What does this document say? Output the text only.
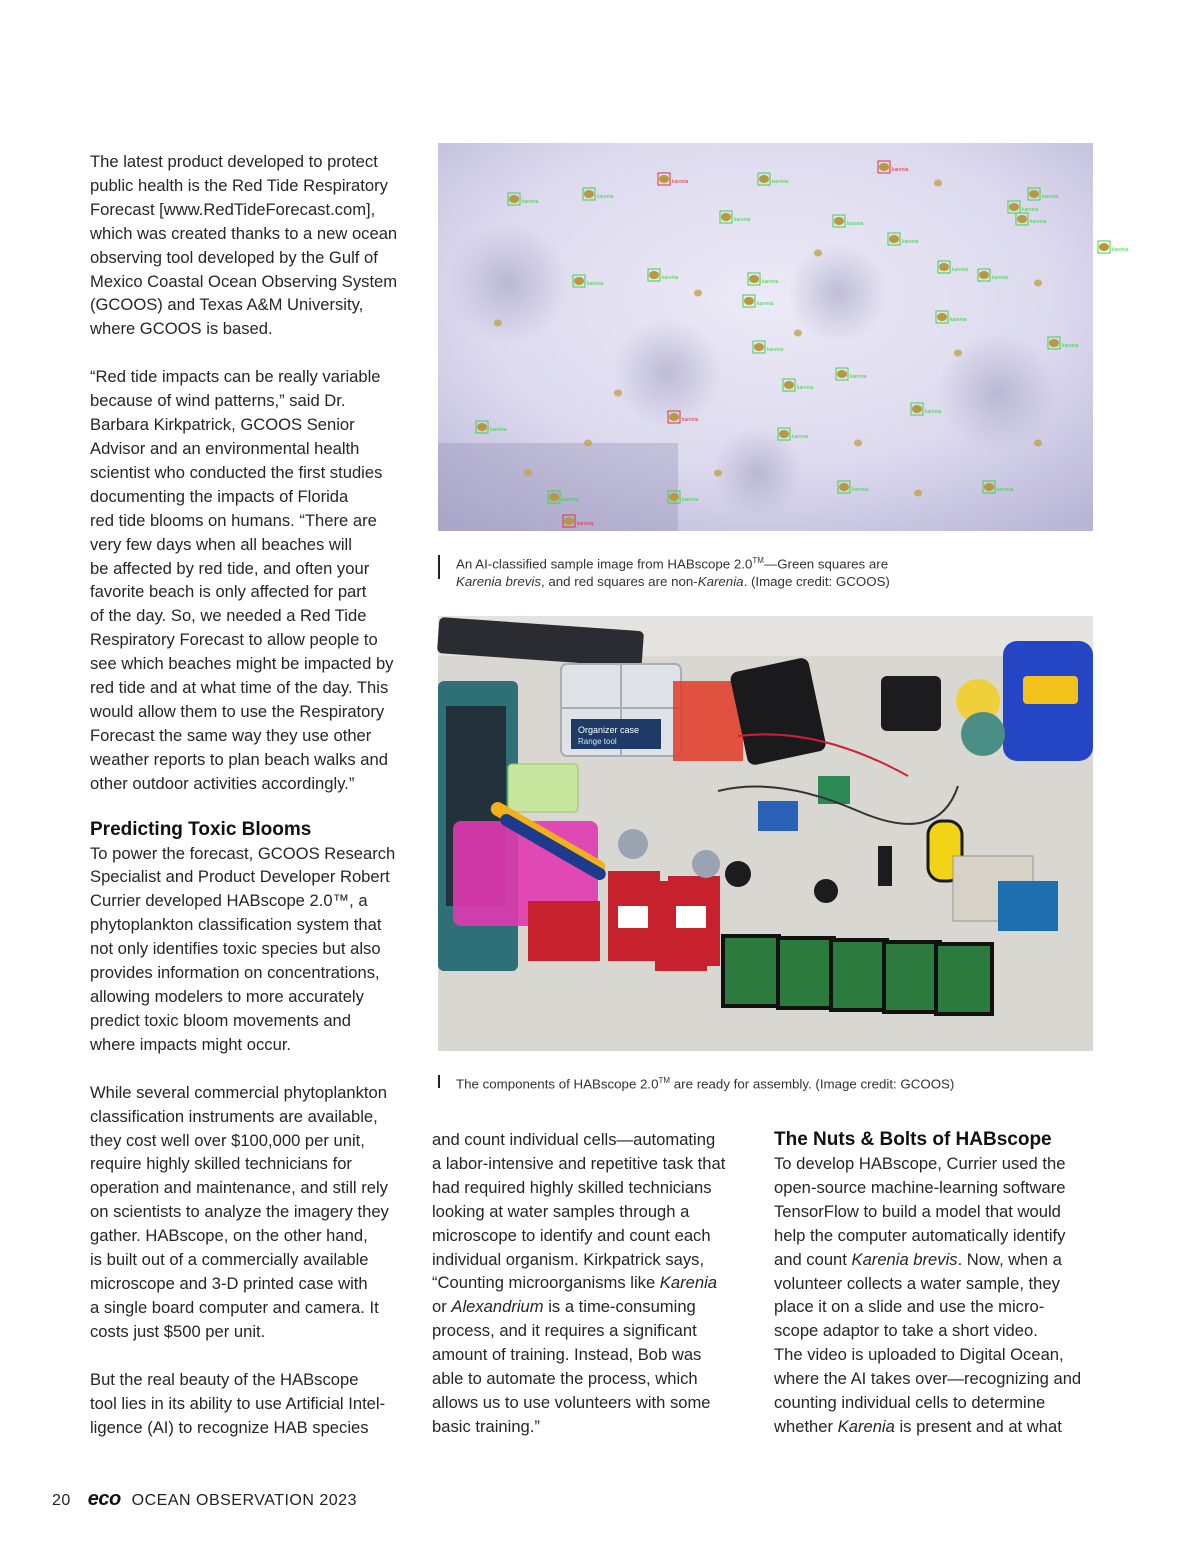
The latest product developed to protect
public health is the Red Tide Respiratory
Forecast [www.RedTideForecast.com],
which was created thanks to a new ocean
observing tool developed by the Gulf of
Mexico Coastal Ocean Observing System
(GCOOS) and Texas A&M University,
where GCOOS is based.

“Red tide impacts can be really variable
because of wind patterns,” said Dr.
Barbara Kirkpatrick, GCOOS Senior
Advisor and an environmental health
scientist who conducted the first studies
documenting the impacts of Florida
red tide blooms on humans. “There are
very few days when all beaches will
be affected by red tide, and often your
favorite beach is only affected for part
of the day. So, we needed a Red Tide
Respiratory Forecast to allow people to
see which beaches might be impacted by
red tide and at what time of the day. This
would allow them to use the Respiratory
Forecast the same way they use other
weather reports to plan beach walks and
other outdoor activities accordingly.”

Predicting Toxic Blooms

To power the forecast, GCOOS Research
Specialist and Product Developer Robert
Currier developed HABscope 2.0™, a
phytoplankton classification system that
not only identifies toxic species but also
provides information on concentrations,
allowing modelers to more accurately
predict toxic bloom movements and
where impacts might occur.

While several commercial phytoplankton
classification instruments are available,
they cost well over $100,000 per unit,
require highly skilled technicians for
operation and maintenance, and still rely
on scientists to analyze the imagery they
gather. HABscope, on the other hand,
is built out of a commercially available
microscope and 3-D printed case with
a single board computer and camera. It
costs just $500 per unit.

But the real beauty of the HABscope
tool lies in its ability to use Artificial Intel-
ligence (AI) to recognize HAB species

and count individual cells—automating
a labor-intensive and repetitive task that
had required highly skilled technicians
looking at water samples through a
microscope to identify and count each
individual organism. Kirkpatrick says,
“Counting microorganisms like Karenia
or Alexandrium is a time-consuming
process, and it requires a significant
amount of training. Instead, Bob was
able to automate the process, which
allows us to use volunteers with some
basic training.”
The Nuts & Bolts of HABscope
To develop HABscope, Currier used the
open-source machine-learning software
TensorFlow to build a model that would
help the computer automatically identify
and count Karenia brevis. Now, when a
volunteer collects a water sample, they
place it on a slide and use the micro-
scope adaptor to take a short video.
The video is uploaded to Digital Ocean,
where the AI takes over—recognizing and
counting individual cells to determine
whether Karenia is present and at what
karenia
karenia
karenia
karenia
karenia
karenia
karenia
karenia
karenia
karenia
karenia
karenia
karenia
karenia
karenia
karenia
karenia
karenia
karenia
karenia
karenia
karenia
karenia
karenia
karenia
karenia
karenia
karenia
karenia
karenia
karenia
karenia
An AI-classified sample image from HABscope 2.0™—Green squares are
Karenia brevis, and red squares are non-Karenia. (Image credit: GCOOS)
Organizer case
Range tool
The components of HABscope 2.0™ are ready for assembly. (Image credit: GCOOS)
20 eco OCEAN OBSERVATION 2023
